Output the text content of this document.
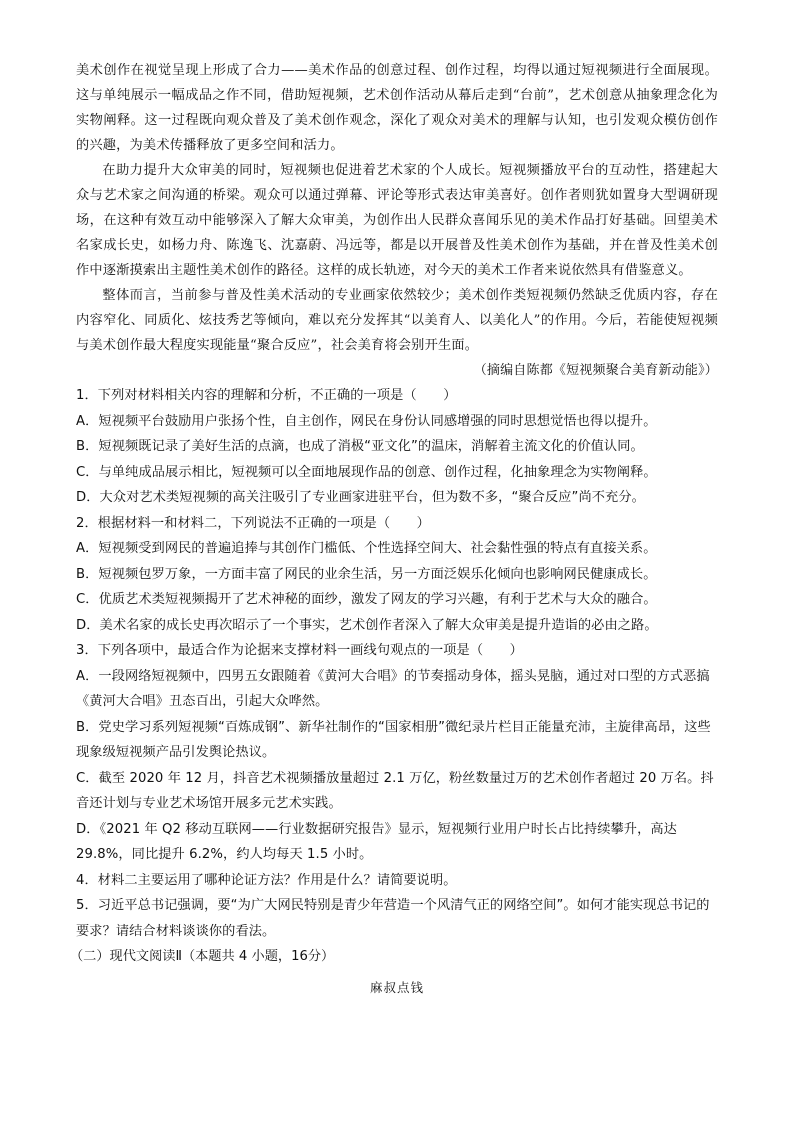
美术创作在视觉呈现上形成了合力——美术作品的创意过程、创作过程，均得以通过短视频进行全面展现。这与单纯展示一幅成品之作不同，借助短视频，艺术创作活动从幕后走到“台前”，艺术创意从抽象理念化为实物阐释。这一过程既向观众普及了美术创作观念，深化了观众对美术的理解与认知，也引发观众模仿创作的兴趣，为美术传播释放了更多空间和活力。

在助力提升大众审美的同时，短视频也促进着艺术家的个人成长。短视频播放平台的互动性，搭建起大众与艺术家之间沟通的桥梁。观众可以通过弹幕、评论等形式表达审美喜好。创作者则犹如置身大型调研现场，在这种有效互动中能够深入了解大众审美，为创作出人民群众喜闻乐见的美术作品打好基础。回望美术名家成长史，如杨力舟、陈逸飞、沈嘉蔚、冯远等，都是以开展普及性美术创作为基础，并在普及性美术创作中逐渐摸索出主题性美术创作的路径。这样的成长轨迹，对今天的美术工作者来说依然具有借鉴意义。

整体而言，当前参与普及性美术活动的专业画家依然较少；美术创作类短视频仍然缺乏优质内容，存在内容窄化、同质化、炫技秀艺等倾向，难以充分发挥其“以美育人、以美化人”的作用。今后，若能使短视频与美术创作最大程度实现能量“聚合反应”，社会美育将会别开生面。

（摘编自陈都《短视频聚合美育新动能》）

1．下列对材料相关内容的理解和分析，不正确的一项是（　　）

A．短视频平台鼓励用户张扬个性，自主创作，网民在身份认同感增强的同时思想觉悟也得以提升。

B．短视频既记录了美好生活的点滴，也成了消极“亚文化”的温床，消解着主流文化的价值认同。

C．与单纯成品展示相比，短视频可以全面地展现作品的创意、创作过程，化抽象理念为实物阐释。

D．大众对艺术类短视频的高关注吸引了专业画家进驻平台，但为数不多，“聚合反应”尚不充分。

2．根据材料一和材料二，下列说法不正确的一项是（　　）

A．短视频受到网民的普遍追捧与其创作门槛低、个性选择空间大、社会黏性强的特点有直接关系。

B．短视频包罗万象，一方面丰富了网民的业余生活，另一方面泛娱乐化倾向也影响网民健康成长。

C．优质艺术类短视频揭开了艺术神秘的面纱，激发了网友的学习兴趣，有利于艺术与大众的融合。

D．美术名家的成长史再次昭示了一个事实，艺术创作者深入了解大众审美是提升造诣的必由之路。

3．下列各项中，最适合作为论据来支撑材料一画线句观点的一项是（　　）

A．一段网络短视频中，四男五女跟随着《黄河大合唱》的节奏摇动身体，摇头晃脑，通过对口型的方式恶搞《黄河大合唱》丑态百出，引起大众哗然。

B．党史学习系列短视频“百炼成钢”、新华社制作的“国家相册”微纪录片栏目正能量充沛，主旋律高昂，这些现象级短视频产品引发舆论热议。

C．截至 2020 年 12 月，抖音艺术视频播放量超过 2.1 万亿，粉丝数量过万的艺术创作者超过 20 万名。抖音还计划与专业艺术场馆开展多元艺术实践。

D．《2021 年 Q2 移动互联网——行业数据研究报告》显示，短视频行业用户时长占比持续攀升，高达 29.8%，同比提升 6.2%，约人均每天 1.5 小时。

4．材料二主要运用了哪种论证方法？作用是什么？请简要说明。

5．习近平总书记强调，要“为广大网民特别是青少年营造一个风清气正的网络空间”。如何才能实现总书记的要求？请结合材料谈谈你的看法。

（二）现代文阅读Ⅱ（本题共 4 小题，16分）

麻叔点钱
